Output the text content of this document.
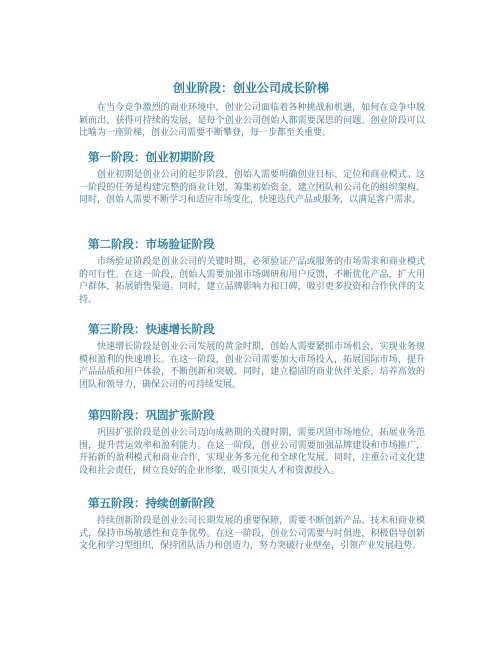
创业阶段：创业公司成长阶梯

在当今竞争激烈的商业环境中，创业公司面临着各种挑战和机遇，如何在竞争中脱颖而出，获得可持续的发展，是每个创业公司创始人都需要深思的问题。创业阶段可以比喻为一座阶梯，创业公司需要不断攀登，每一步都至关重要。

第一阶段：创业初期阶段

创业初期是创业公司的起步阶段，创始人需要明确创业目标、定位和商业模式。这一阶段的任务是构建完整的商业计划，筹集初始资金，建立团队和公司化的组织架构。同时，创始人需要不断学习和适应市场变化，快速迭代产品或服务，以满足客户需求。

第二阶段：市场验证阶段

市场验证阶段是创业公司的关键时期，必须验证产品或服务的市场需求和商业模式的可行性。在这一阶段，创始人需要加强市场调研和用户反馈，不断优化产品，扩大用户群体，拓展销售渠道。同时，建立品牌影响力和口碑，吸引更多投资和合作伙伴的支持。

第三阶段：快速增长阶段

快速增长阶段是创业公司发展的黄金时期，创始人需要紧抓市场机会，实现业务规模和盈利的快速增长。在这一阶段，创业公司需要加大市场投入，拓展国际市场，提升产品品质和用户体验，不断创新和突破。同时，建立稳固的商业伙伴关系，培养高效的团队和领导力，确保公司的可持续发展。

第四阶段：巩固扩张阶段

巩固扩张阶段是创业公司迈向成熟期的关键时期，需要巩固市场地位，拓展业务范围，提升营运效率和盈利能力。在这一阶段，创业公司需要加强品牌建设和市场推广，开拓新的盈利模式和商业合作，实现业务多元化和全球化发展。同时，注重公司文化建设和社会责任，树立良好的企业形象，吸引顶尖人才和资源投入。

第五阶段：持续创新阶段

持续创新阶段是创业公司长期发展的重要保障，需要不断创新产品、技术和商业模式，保持市场敏感性和竞争优势。在这一阶段，创业公司需要与时俱进，积极倡导创新文化和学习型组织，保持团队活力和创造力，努力突破行业壁垒，引领产业发展趋势。
